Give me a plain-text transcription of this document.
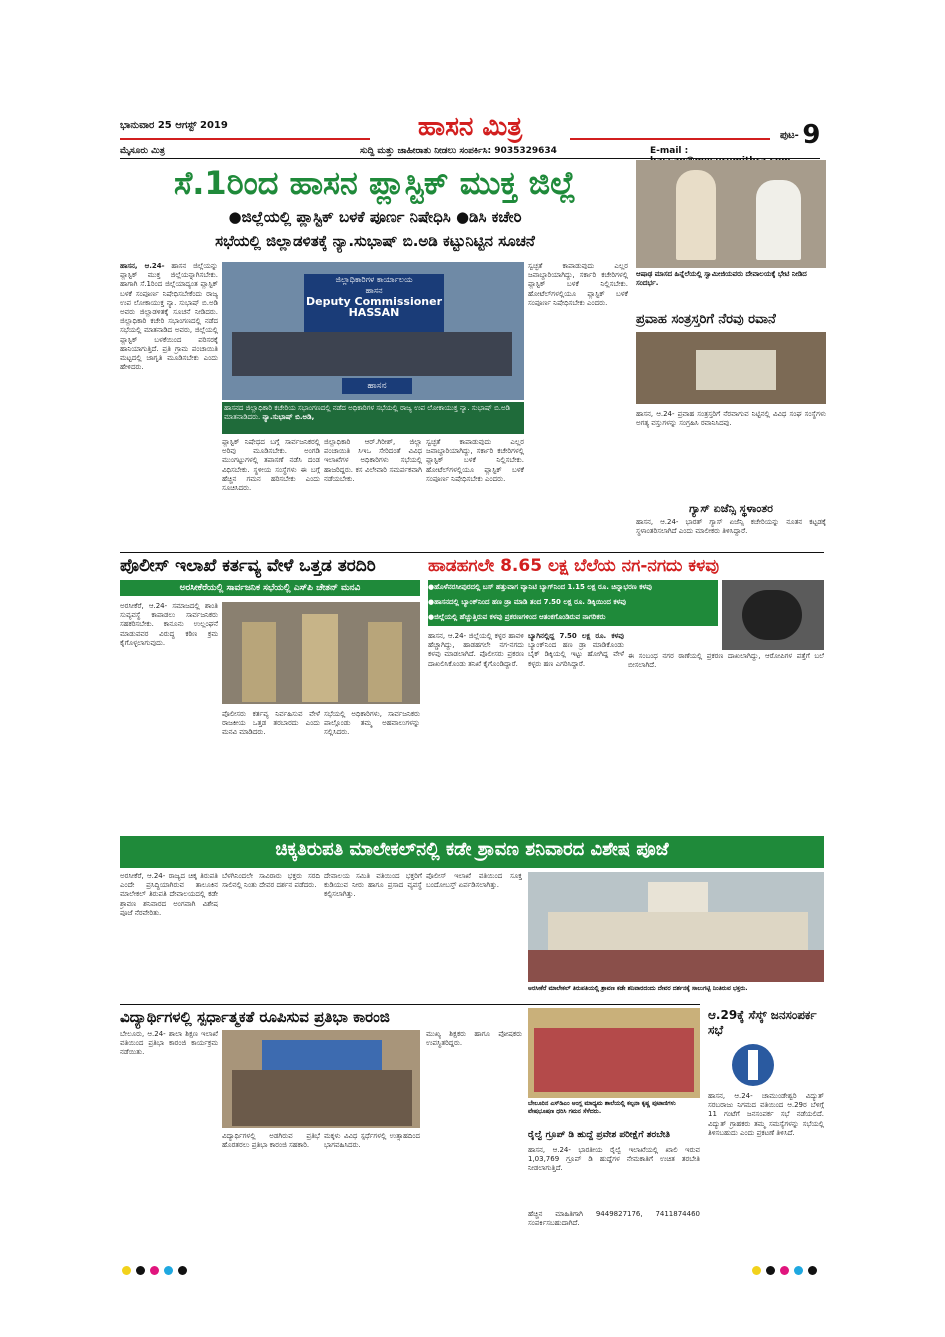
ಭಾನುವಾರ 25 ಆಗಸ್ಟ್ 2019	ಹಾಸನ ಮಿತ್ರ	ಪುಟ- 9
ಮೈಸೂರು ಮಿತ್ರ	ಸುದ್ದಿ ಮತ್ತು ಜಾಹೀರಾತು ನೀಡಲು ಸಂಪರ್ಕಿಸಿ: 9035329634	E-mail :
ಸೆ.1ರಿಂದ ಹಾಸನ ಪ್ಲಾಸ್ಟಿಕ್ ಮುಕ್ತ ಜಿಲ್ಲೆ
●ಜಿಲ್ಲೆಯಲ್ಲಿ ಪ್ಲಾಸ್ಟಿಕ್ ಬಳಕೆ ಪೂರ್ಣ ನಿಷೇಧಿಸಿ ●ಡಿಸಿ ಕಚೇರಿ
ಸಭೆಯಲ್ಲಿ ಜಿಲ್ಲಾಡಳಿತಕ್ಕೆ ನ್ಯಾ.ಸುಭಾಷ್ ಬಿ.ಅಡಿ ಕಟ್ಟುನಿಟ್ಟಿನ ಸೂಚನೆ
ಹಾಸನ, ಆ.24- ಹಾಸನ ಜಿಲ್ಲೆಯನ್ನು ಪ್ಲಾಸ್ಟಿಕ್ ಮುಕ್ತ ಜಿಲ್ಲೆಯನ್ನಾಗಿಸಬೇಕು. ಹಾಗಾಗಿ ಸೆ.1ರಿಂದ ಜಿಲ್ಲೆಯಾದ್ಯಂತ ಪ್ಲಾಸ್ಟಿಕ್ ಬಳಕೆ ಸಂಪೂರ್ಣ ನಿಷೇಧಿಸಬೇಕೆಂದು ರಾಜ್ಯ ಉಪ ಲೋಕಾಯುಕ್ತ ನ್ಯಾ. ಸುಭಾಷ್ ಬಿ.ಅಡಿ ಅವರು ಜಿಲ್ಲಾಡಳಿತಕ್ಕೆ ಸೂಚನೆ ನೀಡಿದರು. ಜಿಲ್ಲಾಧಿಕಾರಿ ಕಚೇರಿ ಸಭಾಂಗಣದಲ್ಲಿ ನಡೆದ ಸಭೆಯಲ್ಲಿ ಮಾತನಾಡಿದ ಅವರು, ಜಿಲ್ಲೆಯಲ್ಲಿ ಪ್ಲಾಸ್ಟಿಕ್ ಬಳಕೆಯಿಂದ ಪರಿಸರಕ್ಕೆ ಹಾನಿಯಾಗುತ್ತಿದೆ. ಪ್ರತಿ ಗ್ರಾಮ ಪಂಚಾಯಿತಿ ಮಟ್ಟದಲ್ಲಿ ಜಾಗೃತಿ ಮೂಡಿಸಬೇಕು ಎಂದು ಹೇಳಿದರು.
ಜಿಲ್ಲಾಧಿಕಾರಿಗಳ ಕಾರ್ಯಾಲಯ
ಹಾಸನ
Deputy Commissioner
HASSAN
ಹಾಸನ
ಹಾಸನದ ಜಿಲ್ಲಾಧಿಕಾರಿ ಕಚೇರಿಯ ಸಭಾಂಗಣದಲ್ಲಿ ನಡೆದ ಅಧಿಕಾರಿಗಳ ಸಭೆಯಲ್ಲಿ ರಾಜ್ಯ ಉಪ ಲೋಕಾಯುಕ್ತ ನ್ಯಾ. ಸುಭಾಷ್ ಬಿ.ಅಡಿ ಮಾತನಾಡಿದರು. ನ್ಯಾ.ಸುಭಾಷ್ ಬಿ.ಅಡಿ,
ಪ್ಲಾಸ್ಟಿಕ್ ನಿಷೇಧದ ಬಗ್ಗೆ ಸಾರ್ವಜನಿಕರಲ್ಲಿ ಅರಿವು ಮೂಡಿಸಬೇಕು. ಅಂಗಡಿ ಮುಂಗಟ್ಟುಗಳಲ್ಲಿ ತಪಾಸಣೆ ನಡೆಸಿ ದಂಡ ವಿಧಿಸಬೇಕು. ಸ್ಥಳೀಯ ಸಂಸ್ಥೆಗಳು ಈ ಬಗ್ಗೆ ಹೆಚ್ಚಿನ ಗಮನ ಹರಿಸಬೇಕು ಎಂದು ಸೂಚಿಸಿದರು.
ಜಿಲ್ಲಾಧಿಕಾರಿ ಆರ್.ಗಿರೀಶ್, ಜಿಲ್ಲಾ ಪಂಚಾಯಿತಿ ಸಿಇಒ ಸೇರಿದಂತೆ ವಿವಿಧ ಇಲಾಖೆಗಳ ಅಧಿಕಾರಿಗಳು ಸಭೆಯಲ್ಲಿ ಹಾಜರಿದ್ದರು. ಕಸ ವಿಲೇವಾರಿ ಸಮರ್ಪಕವಾಗಿ ನಡೆಯಬೇಕು.
ಸ್ವಚ್ಛತೆ ಕಾಪಾಡುವುದು ಎಲ್ಲರ ಜವಾಬ್ದಾರಿಯಾಗಿದ್ದು, ಸರ್ಕಾರಿ ಕಚೇರಿಗಳಲ್ಲಿ ಪ್ಲಾಸ್ಟಿಕ್ ಬಳಕೆ ನಿಲ್ಲಿಸಬೇಕು. ಹೋಟೆಲ್‌ಗಳಲ್ಲಿಯೂ ಪ್ಲಾಸ್ಟಿಕ್ ಬಳಕೆ ಸಂಪೂರ್ಣ ನಿಷೇಧಿಸಬೇಕು ಎಂದರು.
ಸ್ವಚ್ಛತೆ ಕಾಪಾಡುವುದು ಎಲ್ಲರ ಜವಾಬ್ದಾರಿಯಾಗಿದ್ದು, ಸರ್ಕಾರಿ ಕಚೇರಿಗಳಲ್ಲಿ ಪ್ಲಾಸ್ಟಿಕ್ ಬಳಕೆ ನಿಲ್ಲಿಸಬೇಕು. ಹೋಟೆಲ್‌ಗಳಲ್ಲಿಯೂ ಪ್ಲಾಸ್ಟಿಕ್ ಬಳಕೆ ಸಂಪೂರ್ಣ ನಿಷೇಧಿಸಬೇಕು ಎಂದರು.
ಆಷಾಢ ಮಾಸದ ಹಿನ್ನೆಲೆಯಲ್ಲಿ ಸ್ವಾಮೀಜಿಯವರು ದೇವಾಲಯಕ್ಕೆ ಭೇಟಿ ನೀಡಿದ ಸಂದರ್ಭ.
ಪ್ರವಾಹ ಸಂತ್ರಸ್ತರಿಗೆ ನೆರವು ರವಾನೆ
ಹಾಸನ, ಆ.24- ಪ್ರವಾಹ ಸಂತ್ರಸ್ತರಿಗೆ ನೆರವಾಗುವ ನಿಟ್ಟಿನಲ್ಲಿ ವಿವಿಧ ಸಂಘ ಸಂಸ್ಥೆಗಳು ಅಗತ್ಯ ವಸ್ತುಗಳನ್ನು ಸಂಗ್ರಹಿಸಿ ರವಾನಿಸಿದವು.
ಗ್ಯಾಸ್ ಏಜೆನ್ಸಿ ಸ್ಥಳಾಂತರ
ಹಾಸನ, ಆ.24- ಭಾರತ್ ಗ್ಯಾಸ್ ಏಜೆನ್ಸಿ ಕಚೇರಿಯನ್ನು ನೂತನ ಕಟ್ಟಡಕ್ಕೆ ಸ್ಥಳಾಂತರಿಸಲಾಗಿದೆ ಎಂದು ಮಾಲೀಕರು ತಿಳಿಸಿದ್ದಾರೆ.
ಪೊಲೀಸ್ ಇಲಾಖೆ ಕರ್ತವ್ಯ ವೇಳೆ ಒತ್ತಡ ತರದಿರಿ
ಅರಸೀಕೆರೆಯಲ್ಲಿ ಸಾರ್ವಜನಿಕ ಸಭೆಯಲ್ಲಿ ಎಸ್‌ಪಿ ಚೇತನ್ ಮನವಿ
ಅರಸೀಕೆರೆ, ಆ.24- ಸಮಾಜದಲ್ಲಿ ಶಾಂತಿ ಸುವ್ಯವಸ್ಥೆ ಕಾಪಾಡಲು ಸಾರ್ವಜನಿಕರು ಸಹಕರಿಸಬೇಕು. ಕಾನೂನು ಉಲ್ಲಂಘನೆ ಮಾಡುವವರ ವಿರುದ್ಧ ಕಠಿಣ ಕ್ರಮ ಕೈಗೊಳ್ಳಲಾಗುವುದು.
ಪೊಲೀಸರು ಕರ್ತವ್ಯ ನಿರ್ವಹಿಸುವ ವೇಳೆ ರಾಜಕೀಯ ಒತ್ತಡ ತರಬಾರದು ಎಂದು ಮನವಿ ಮಾಡಿದರು.
ಸಭೆಯಲ್ಲಿ ಅಧಿಕಾರಿಗಳು, ಸಾರ್ವಜನಿಕರು ಪಾಲ್ಗೊಂಡು ತಮ್ಮ ಅಹವಾಲುಗಳನ್ನು ಸಲ್ಲಿಸಿದರು.
ಹಾಡಹಗಲೇ 8.65 ಲಕ್ಷ ಬೆಲೆಯ ನಗ-ನಗದು ಕಳವು
●ಹೊಳೆನರಸೀಪುರದಲ್ಲಿ ಬಸ್ ಹತ್ತುವಾಗ ವ್ಯಾನಿಟಿ ಬ್ಯಾಗ್‌ನಿಂದ 1.15 ಲಕ್ಷ ರೂ. ಚಿನ್ನಾಭರಣ ಕಳವು
●ಹಾಸನದಲ್ಲಿ ಬ್ಯಾಂಕ್‌ನಿಂದ ಹಣ ಡ್ರಾ ಮಾಡಿ ತಂದ 7.50 ಲಕ್ಷ ರೂ. ಡಿಕ್ಕಿಯಿಂದ ಕಳವು
●ಜಿಲ್ಲೆಯಲ್ಲಿ ಹೆಚ್ಚುತ್ತಿರುವ ಕಳವು ಪ್ರಕರಣಗಳಿಂದ ಆತಂಕಗೊಂಡಿರುವ ನಾಗರಿಕರು
ಹಾಸನ, ಆ.24- ಜಿಲ್ಲೆಯಲ್ಲಿ ಕಳ್ಳರ ಹಾವಳಿ ಹೆಚ್ಚಾಗಿದ್ದು, ಹಾಡಹಗಲೇ ನಗ-ನಗದು ಕಳವು ಮಾಡಲಾಗಿದೆ. ಪೊಲೀಸರು ಪ್ರಕರಣ ದಾಖಲಿಸಿಕೊಂಡು ತನಿಖೆ ಕೈಗೊಂಡಿದ್ದಾರೆ.
ಬ್ಯಾಗಿನಲ್ಲಿದ್ದ 7.50 ಲಕ್ಷ ರೂ. ಕಳವು ಬ್ಯಾಂಕ್‌ನಿಂದ ಹಣ ಡ್ರಾ ಮಾಡಿಕೊಂಡು ಬೈಕ್ ಡಿಕ್ಕಿಯಲ್ಲಿ ಇಟ್ಟು ಹೋಗಿದ್ದ ವೇಳೆ ಕಳ್ಳರು ಹಣ ಎಗರಿಸಿದ್ದಾರೆ.
ಈ ಸಂಬಂಧ ನಗರ ಠಾಣೆಯಲ್ಲಿ ಪ್ರಕರಣ ದಾಖಲಾಗಿದ್ದು, ಆರೋಪಿಗಳ ಪತ್ತೆಗೆ ಬಲೆ ಬೀಸಲಾಗಿದೆ.
ಚಿಕ್ಕತಿರುಪತಿ ಮಾಲೇಕಲ್‌ನಲ್ಲಿ ಕಡೇ ಶ್ರಾವಣ ಶನಿವಾರದ ವಿಶೇಷ ಪೂಜೆ
ಅರಸೀಕೆರೆ, ಆ.24- ರಾಜ್ಯದ ಚಿಕ್ಕ ತಿರುಪತಿ ಎಂದೇ ಪ್ರಸಿದ್ಧಿಯಾಗಿರುವ ತಾಲೂಕಿನ ಮಾಲೇಕಲ್ ತಿರುಪತಿ ದೇವಾಲಯದಲ್ಲಿ ಕಡೇ ಶ್ರಾವಣ ಶನಿವಾರದ ಅಂಗವಾಗಿ ವಿಶೇಷ ಪೂಜೆ ನೆರವೇರಿತು.
ಬೆಳಗಿನಿಂದಲೇ ಸಾವಿರಾರು ಭಕ್ತರು ಸರದಿ ಸಾಲಿನಲ್ಲಿ ನಿಂತು ದೇವರ ದರ್ಶನ ಪಡೆದರು.
ದೇವಾಲಯ ಸಮಿತಿ ವತಿಯಿಂದ ಭಕ್ತರಿಗೆ ಕುಡಿಯುವ ನೀರು ಹಾಗೂ ಪ್ರಸಾದ ವ್ಯವಸ್ಥೆ ಕಲ್ಪಿಸಲಾಗಿತ್ತು.
ಪೊಲೀಸ್ ಇಲಾಖೆ ವತಿಯಿಂದ ಸೂಕ್ತ ಬಂದೋಬಸ್ತ್ ಏರ್ಪಡಿಸಲಾಗಿತ್ತು.
ಅರಸೀಕೆರೆ ಮಾಲೇಕಲ್ ತಿರುಪತಿಯಲ್ಲಿ ಶ್ರಾವಣ ಕಡೇ ಶನಿವಾರದಂದು ದೇವರ ದರ್ಶನಕ್ಕೆ ಸಾಲುಗಟ್ಟಿ ನಿಂತಿರುವ ಭಕ್ತರು.
ವಿದ್ಯಾರ್ಥಿಗಳಲ್ಲಿ ಸ್ಪರ್ಧಾತ್ಮಕತೆ ರೂಪಿಸುವ ಪ್ರತಿಭಾ ಕಾರಂಜಿ
ಬೇಲೂರು, ಆ.24- ಶಾಲಾ ಶಿಕ್ಷಣ ಇಲಾಖೆ ವತಿಯಿಂದ ಪ್ರತಿಭಾ ಕಾರಂಜಿ ಕಾರ್ಯಕ್ರಮ ನಡೆಯಿತು.
ವಿದ್ಯಾರ್ಥಿಗಳಲ್ಲಿ ಅಡಗಿರುವ ಪ್ರತಿಭೆ ಹೊರತರಲು ಪ್ರತಿಭಾ ಕಾರಂಜಿ ಸಹಕಾರಿ.
ಮಕ್ಕಳು ವಿವಿಧ ಸ್ಪರ್ಧೆಗಳಲ್ಲಿ ಉತ್ಸಾಹದಿಂದ ಭಾಗವಹಿಸಿದರು.
ಮುಖ್ಯ ಶಿಕ್ಷಕರು ಹಾಗೂ ಪೋಷಕರು ಉಪಸ್ಥಿತರಿದ್ದರು.
ಬೇಲೂರಿನ ಎಸ್‌ಡಿಎಂ ಆಂಗ್ಲ ಮಾಧ್ಯಮ ಶಾಲೆಯಲ್ಲಿ ಕಲ್ಪನಾ ಕೃಷ್ಣ ಪುಟಾಣಿಗಳು ವೇಷಭೂಷಣ ಧರಿಸಿ ಗಮನ ಸೆಳೆದರು.
ರೈಲ್ವೆ ಗ್ರೂಪ್ ಡಿ ಹುದ್ದೆ ಪ್ರವೇಶ ಪರೀಕ್ಷೆಗೆ ತರಬೇತಿ
ಹಾಸನ, ಆ.24- ಭಾರತೀಯ ರೈಲ್ವೆ ಇಲಾಖೆಯಲ್ಲಿ ಖಾಲಿ ಇರುವ 1,03,769 ಗ್ರೂಪ್ ಡಿ ಹುದ್ದೆಗಳ ನೇಮಕಾತಿಗೆ ಉಚಿತ ತರಬೇತಿ ನೀಡಲಾಗುತ್ತಿದೆ.
ಹೆಚ್ಚಿನ ಮಾಹಿತಿಗಾಗಿ 9449827176, 7411874460 ಸಂಪರ್ಕಿಸಬಹುದಾಗಿದೆ.
ಆ.29ಕ್ಕೆ ಸೆಸ್ಕ್ ಜನಸಂಪರ್ಕ ಸಭೆ
ಹಾಸನ, ಆ.24- ಚಾಮುಂಡೇಶ್ವರಿ ವಿದ್ಯುತ್ ಸರಬರಾಜು ನಿಗಮದ ವತಿಯಿಂದ ಆ.29ರ ಬೆಳಿಗ್ಗೆ 11 ಗಂಟೆಗೆ ಜನಸಂಪರ್ಕ ಸಭೆ ನಡೆಯಲಿದೆ. ವಿದ್ಯುತ್ ಗ್ರಾಹಕರು ತಮ್ಮ ಸಮಸ್ಯೆಗಳನ್ನು ಸಭೆಯಲ್ಲಿ ತಿಳಿಸಬಹುದು ಎಂದು ಪ್ರಕಟಣೆ ತಿಳಿಸಿದೆ.
